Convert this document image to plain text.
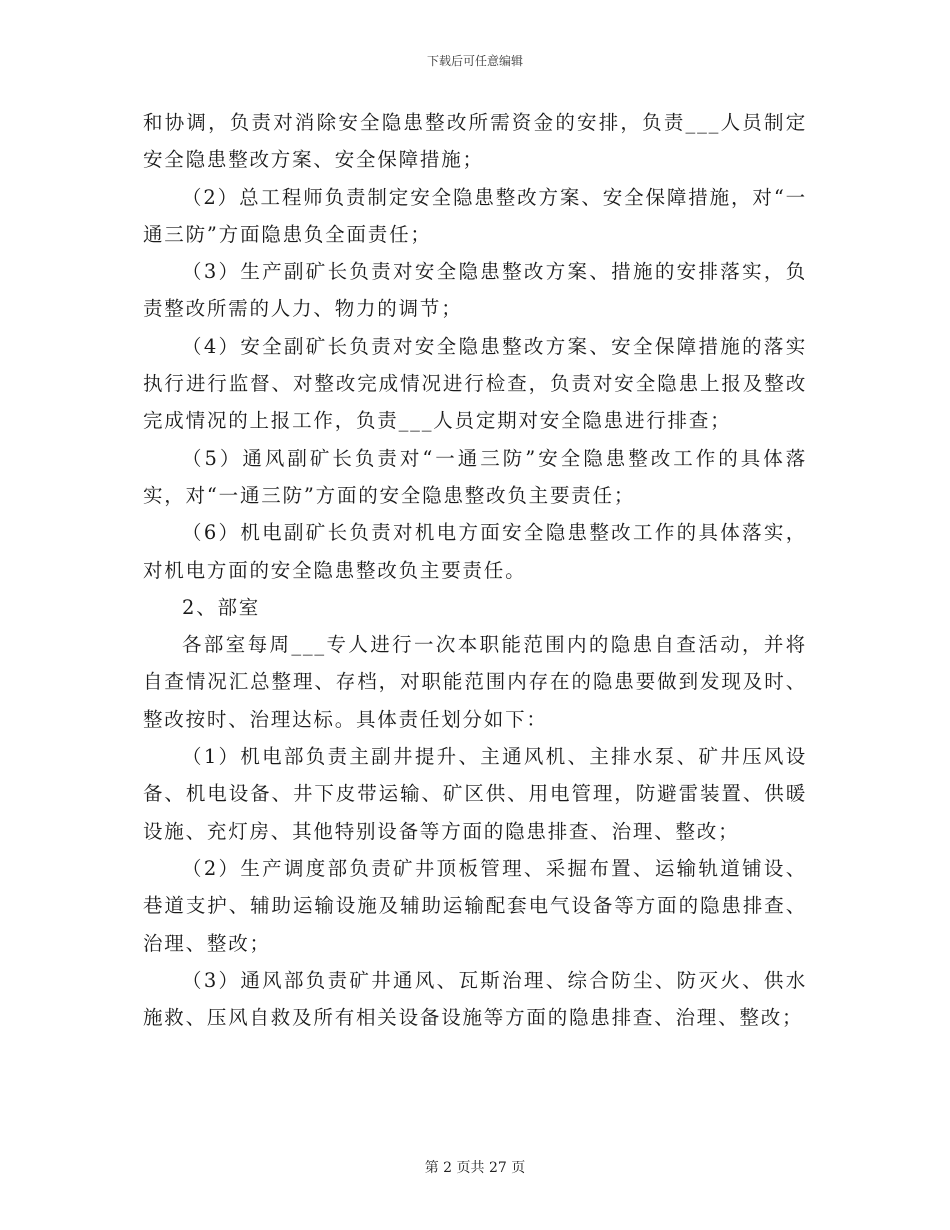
下载后可任意编辑

和协调，负责对消除安全隐患整改所需资金的安排，负责___人员制定安全隐患整改方案、安全保障措施；

（2）总工程师负责制定安全隐患整改方案、安全保障措施，对“一通三防”方面隐患负全面责任；

（3）生产副矿长负责对安全隐患整改方案、措施的安排落实，负责整改所需的人力、物力的调节；

（4）安全副矿长负责对安全隐患整改方案、安全保障措施的落实执行进行监督、对整改完成情况进行检查，负责对安全隐患上报及整改完成情况的上报工作，负责___人员定期对安全隐患进行排查；

（5）通风副矿长负责对“一通三防”安全隐患整改工作的具体落实，对“一通三防”方面的安全隐患整改负主要责任；

（6）机电副矿长负责对机电方面安全隐患整改工作的具体落实，对机电方面的安全隐患整改负主要责任。

2、部室

各部室每周___专人进行一次本职能范围内的隐患自查活动，并将自查情况汇总整理、存档，对职能范围内存在的隐患要做到发现及时、整改按时、治理达标。具体责任划分如下：

（1）机电部负责主副井提升、主通风机、主排水泵、矿井压风设备、机电设备、井下皮带运输、矿区供、用电管理，防避雷装置、供暖设施、充灯房、其他特别设备等方面的隐患排查、治理、整改；

（2）生产调度部负责矿井顶板管理、采掘布置、运输轨道铺设、巷道支护、辅助运输设施及辅助运输配套电气设备等方面的隐患排查、治理、整改；

（3）通风部负责矿井通风、瓦斯治理、综合防尘、防灭火、供水施救、压风自救及所有相关设备设施等方面的隐患排查、治理、整改；

第 2 页共 27 页
